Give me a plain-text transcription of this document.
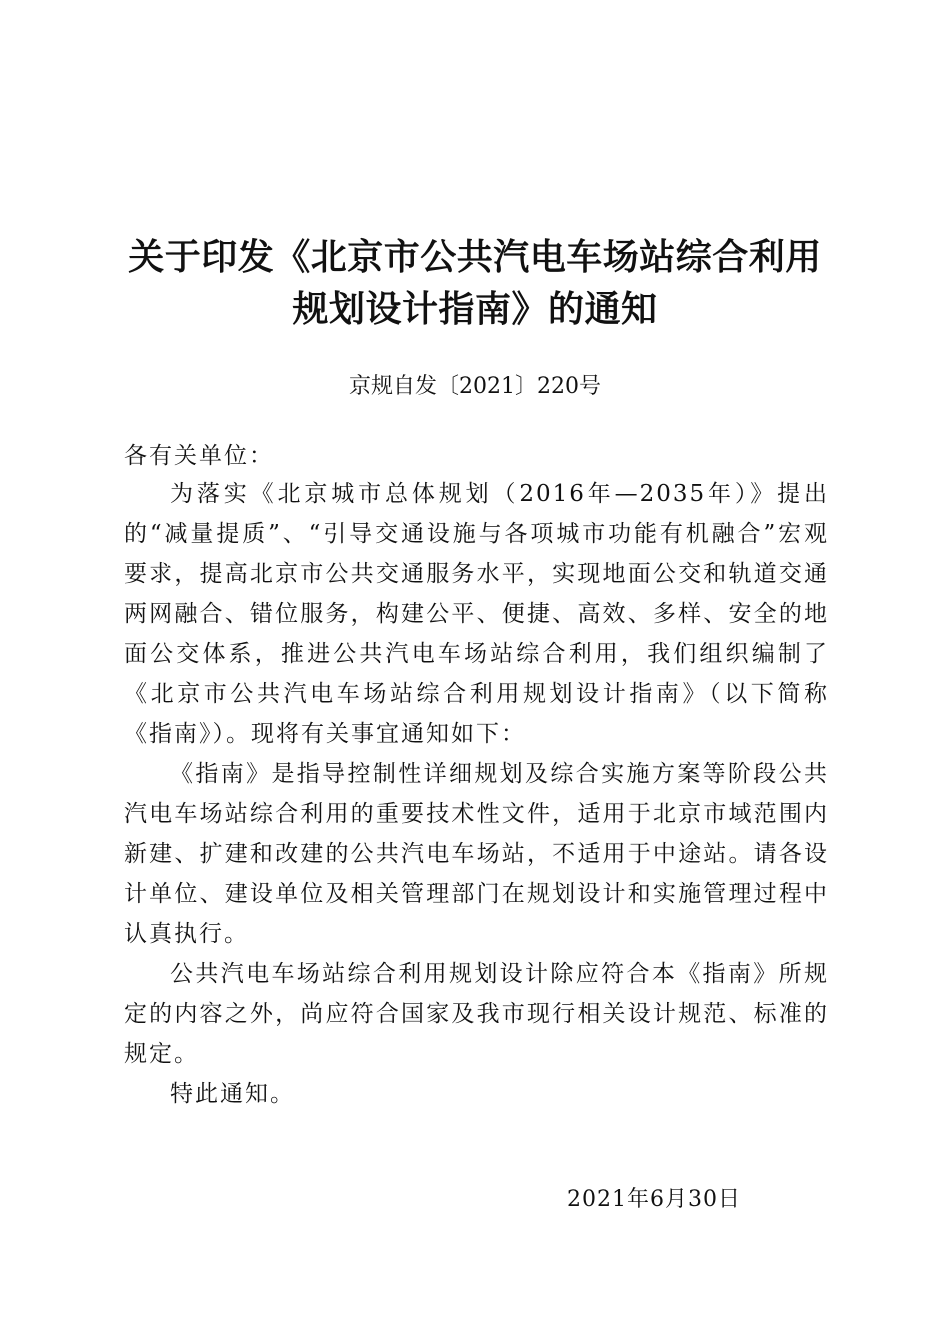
关于印发《北京市公共汽电车场站综合利用
规划设计指南》的通知
京规自发〔2021〕220号
各有关单位：

为落实《北京城市总体规划（2016年—2035年）》提出的“减量提质”、“引导交通设施与各项城市功能有机融合”宏观要求，提高北京市公共交通服务水平，实现地面公交和轨道交通两网融合、错位服务，构建公平、便捷、高效、多样、安全的地面公交体系，推进公共汽电车场站综合利用，我们组织编制了《北京市公共汽电车场站综合利用规划设计指南》（以下简称《指南》）。现将有关事宜通知如下：

《指南》是指导控制性详细规划及综合实施方案等阶段公共汽电车场站综合利用的重要技术性文件，适用于北京市域范围内新建、扩建和改建的公共汽电车场站，不适用于中途站。请各设计单位、建设单位及相关管理部门在规划设计和实施管理过程中认真执行。

公共汽电车场站综合利用规划设计除应符合本《指南》所规定的内容之外，尚应符合国家及我市现行相关设计规范、标准的规定。

特此通知。

2021年6月30日
